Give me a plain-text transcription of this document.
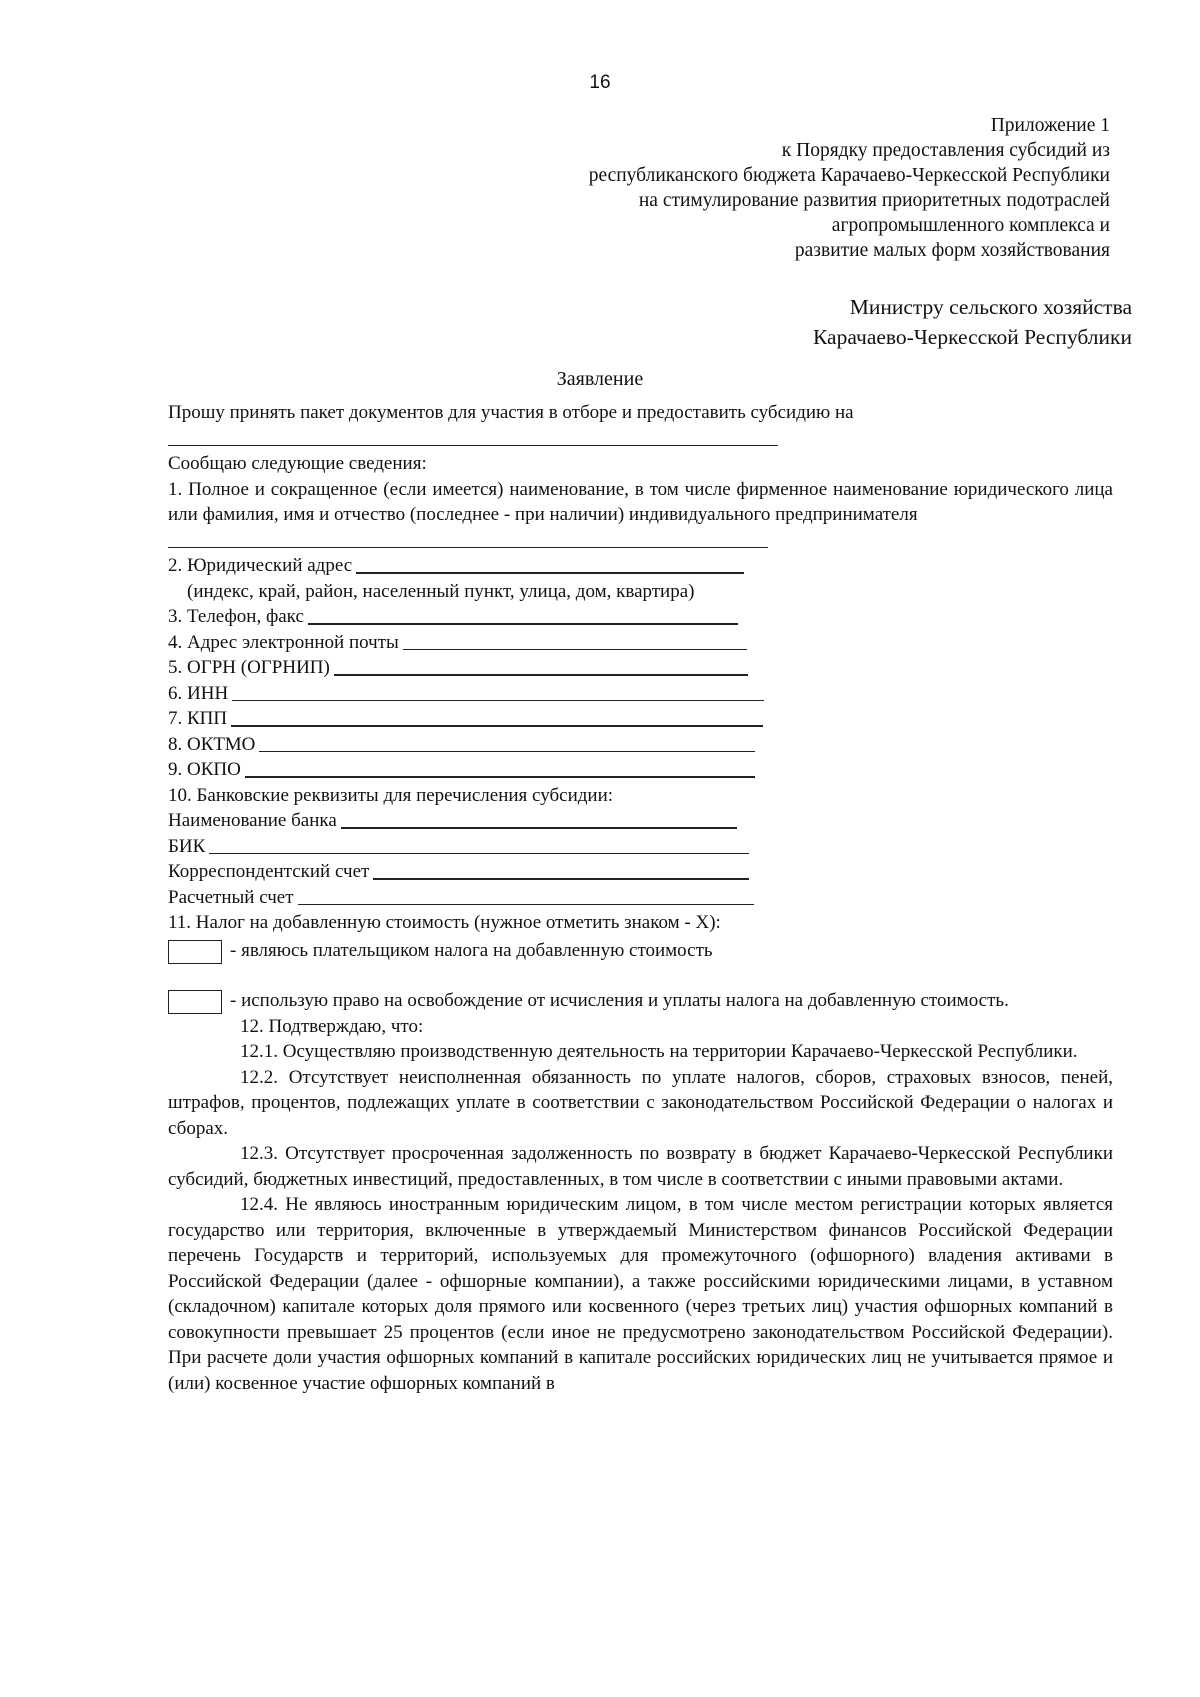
16
Приложение 1
к Порядку предоставления субсидий из
республиканского бюджета Карачаево-Черкесской Республики
на стимулирование развития приоритетных подотраслей
агропромышленного комплекса и
развитие малых форм хозяйствования
Министру сельского хозяйства
Карачаево-Черкесской Республики
Заявление
Прошу принять пакет документов для участия в отборе и предоставить субсидию на
Сообщаю следующие сведения:

1. Полное и сокращенное (если имеется) наименование, в том числе фирменное наименование юридического лица или фамилия, имя и отчество (последнее - при наличии) индивидуального предпринимателя

2. Юридический адрес
(индекс, край, район, населенный пункт, улица, дом, квартира)
3. Телефон, факс
4. Адрес электронной почты
5. ОГРН (ОГРНИП)
6. ИНН
7. КПП
8. ОКТМО
9. ОКПО
10. Банковские реквизиты для перечисления субсидии:
Наименование банка
БИК
Корреспондентский счет
Расчетный счет
11. Налог на добавленную стоимость (нужное отметить знаком - Х):
- являюсь плательщиком налога на добавленную стоимость
- использую право на освобождение от исчисления и уплаты налога на добавленную стоимость.
12. Подтверждаю, что:

12.1. Осуществляю производственную деятельность на территории Карачаево-Черкесской Республики.

12.2. Отсутствует неисполненная обязанность по уплате налогов, сборов, страховых взносов, пеней, штрафов, процентов, подлежащих уплате в соответствии с законодательством Российской Федерации о налогах и сборах.

12.3. Отсутствует просроченная задолженность по возврату в бюджет Карачаево-Черкесской Республики субсидий, бюджетных инвестиций, предоставленных, в том числе в соответствии с иными правовыми актами.

12.4. Не являюсь иностранным юридическим лицом, в том числе местом регистрации которых является государство или территория, включенные в утверждаемый Министерством финансов Российской Федерации перечень Государств и территорий, используемых для промежуточного (офшорного) владения активами в Российской Федерации (далее - офшорные компании), а также российскими юридическими лицами, в уставном (складочном) капитале которых доля прямого или косвенного (через третьих лиц) участия офшорных компаний в совокупности превышает 25 процентов (если иное не предусмотрено законодательством Российской Федерации). При расчете доли участия офшорных компаний в капитале российских юридических лиц не учитывается прямое и (или) косвенное участие офшорных компаний в
